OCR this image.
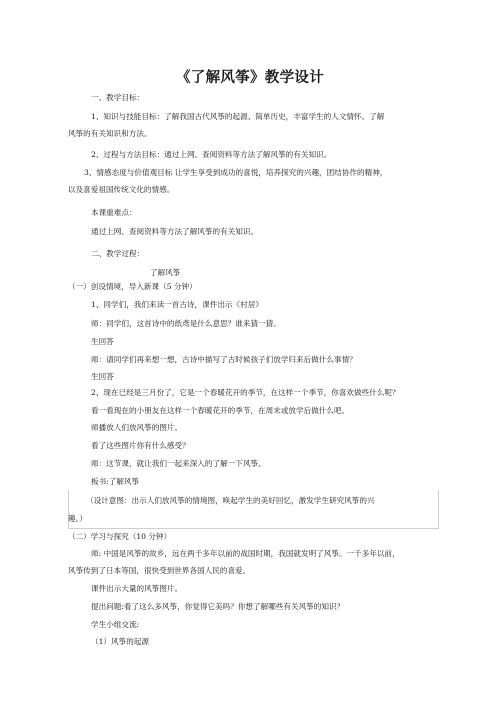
《了解风筝》教学设计
一、教学目标：
1、知识与技能目标：了解我国古代风筝的起源、简单历史，丰富学生的人文情怀。了解
风筝的有关知识和方法。
2、过程与方法目标：通过上网、查阅资料等方法了解风筝的有关知识。
3、情感态度与价值观目标 让学生享受到成功的喜悦，培养探究的兴趣，团结协作的精神，
以及喜爱祖国传统文化的情感。
本课重难点：
通过上网、查阅资料等方法了解风筝的有关知识。
二、教学过程：
了解风筝
（一）创设情境，导入新课（5 分钟）
1、同学们，我们来读一首古诗，课件出示《村居》
师：同学们，这首诗中的纸鸢是什么意思？谁来猜一猜。
生回答
师：请同学们再来想一想，古诗中描写了古时候孩子们放学归来后做什么事情？
生回答
2、现在已经是三月份了，它是一个春暖花开的季节，在这样一个季节，你喜欢做些什么呢？
看一看现在的小朋友在这样一个春暖花开的季节，在周末或放学后做什么吧。
师播放人们放风筝的图片。
看了这些图片你有什么感受？
师：这节课，就让我们一起来深入的了解一下风筝。
板书:了解风筝
（设计意图：出示人们放风筝的情境图，唤起学生的美好回忆，激发学生研究风筝的兴
趣。）
（二）学习与探究（10 分钟）
师: 中国是风筝的故乡，远在两千多年以前的战国时期，我国就发明了风筝。一千多年以前，
风筝传到了日本等国，很快受到世界各国人民的喜爱。
课件出示大量的风筝图片。
提出问题:看了这么多风筝，你觉得它美吗？你想了解哪些有关风筝的知识？
学生小组交流:
（1）风筝的起源
